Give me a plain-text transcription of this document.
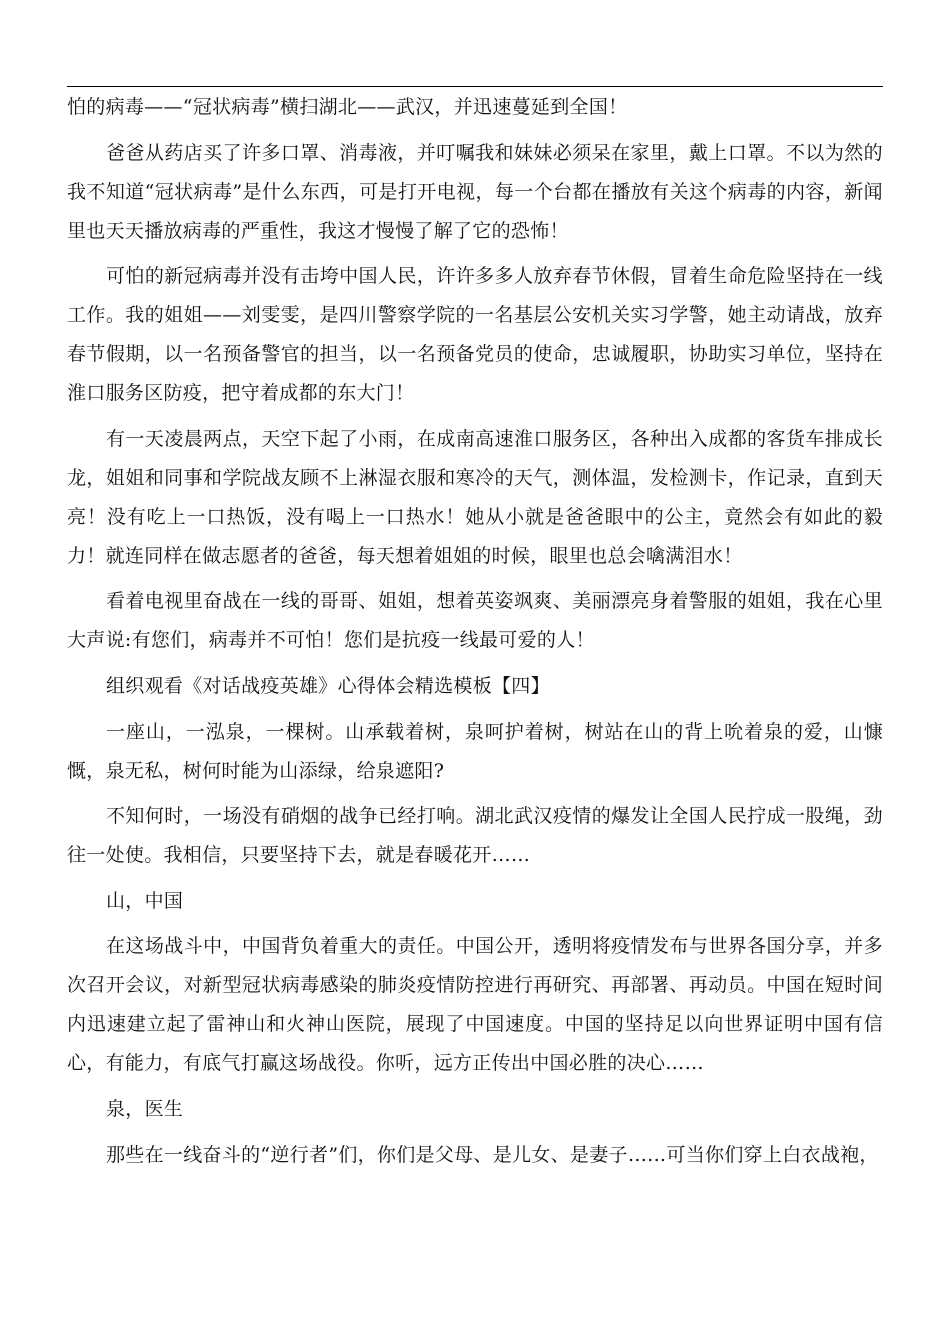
怕的病毒——“冠状病毒”横扫湖北——武汉，并迅速蔓延到全国！

爸爸从药店买了许多口罩、消毒液，并叮嘱我和妹妹必须呆在家里，戴上口罩。不以为然的我不知道“冠状病毒”是什么东西，可是打开电视，每一个台都在播放有关这个病毒的内容，新闻里也天天播放病毒的严重性，我这才慢慢了解了它的恐怖！

可怕的新冠病毒并没有击垮中国人民，许许多多人放弃春节休假，冒着生命危险坚持在一线工作。我的姐姐——刘雯雯，是四川警察学院的一名基层公安机关实习学警，她主动请战，放弃春节假期，以一名预备警官的担当，以一名预备党员的使命，忠诚履职，协助实习单位，坚持在淮口服务区防疫，把守着成都的东大门！

有一天凌晨两点，天空下起了小雨，在成南高速淮口服务区，各种出入成都的客货车排成长龙，姐姐和同事和学院战友顾不上淋湿衣服和寒冷的天气，测体温，发检测卡，作记录，直到天亮！没有吃上一口热饭，没有喝上一口热水！她从小就是爸爸眼中的公主，竟然会有如此的毅力！就连同样在做志愿者的爸爸，每天想着姐姐的时候，眼里也总会噙满泪水！

看着电视里奋战在一线的哥哥、姐姐，想着英姿飒爽、美丽漂亮身着警服的姐姐，我在心里大声说:有您们，病毒并不可怕！您们是抗疫一线最可爱的人！

组织观看《对话战疫英雄》心得体会精选模板【四】

一座山，一泓泉，一棵树。山承载着树，泉呵护着树，树站在山的背上吮着泉的爱，山慷慨，泉无私，树何时能为山添绿，给泉遮阳?

不知何时，一场没有硝烟的战争已经打响。湖北武汉疫情的爆发让全国人民拧成一股绳，劲往一处使。我相信，只要坚持下去，就是春暖花开……

山，中国

在这场战斗中，中国背负着重大的责任。中国公开，透明将疫情发布与世界各国分享，并多次召开会议，对新型冠状病毒感染的肺炎疫情防控进行再研究、再部署、再动员。中国在短时间内迅速建立起了雷神山和火神山医院，展现了中国速度。中国的坚持足以向世界证明中国有信心，有能力，有底气打赢这场战役。你听，远方正传出中国必胜的决心……

泉，医生

那些在一线奋斗的“逆行者”们，你们是父母、是儿女、是妻子……可当你们穿上白衣战袍，
